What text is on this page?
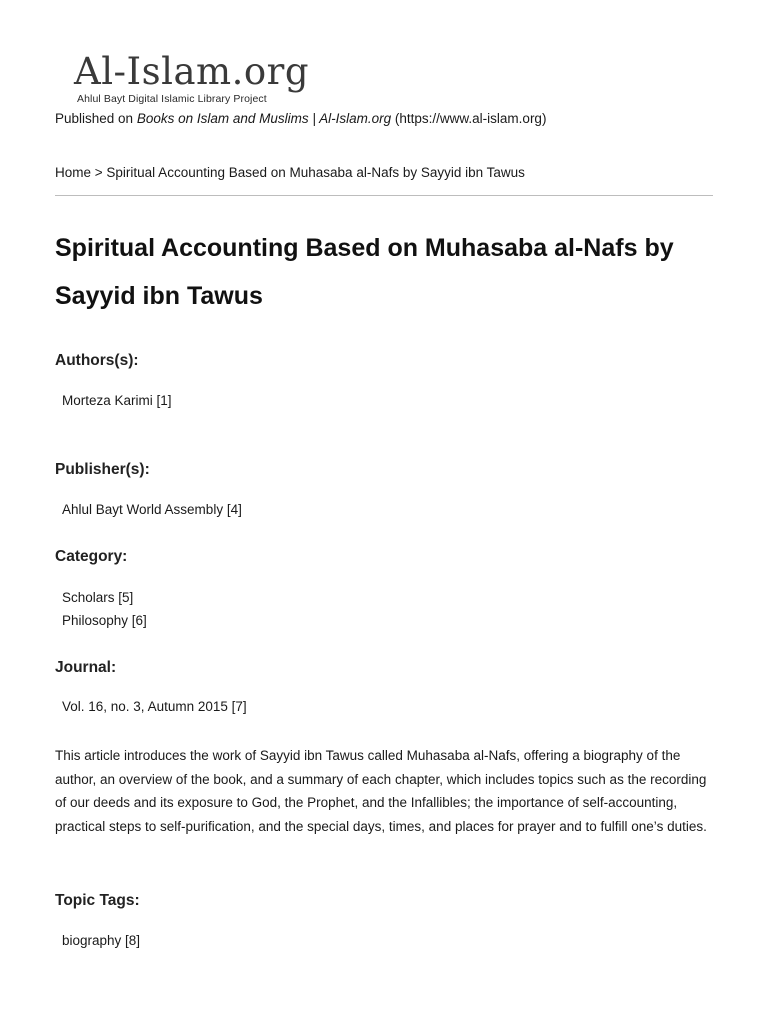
Al-Islam.org
Ahlul Bayt Digital Islamic Library Project
Published on Books on Islam and Muslims | Al-Islam.org (https://www.al-islam.org)
Home > Spiritual Accounting Based on Muhasaba al-Nafs by Sayyid ibn Tawus
Spiritual Accounting Based on Muhasaba al-Nafs by Sayyid ibn Tawus
Authors(s):
Morteza Karimi [1]
Publisher(s):
Ahlul Bayt World Assembly [4]
Category:
Scholars [5]
Philosophy [6]
Journal:
Vol. 16, no. 3, Autumn 2015 [7]
This article introduces the work of Sayyid ibn Tawus called Muhasaba al-Nafs, offering a biography of the author, an overview of the book, and a summary of each chapter, which includes topics such as the recording of our deeds and its exposure to God, the Prophet, and the Infallibles; the importance of self-accounting, practical steps to self-purification, and the special days, times, and places for prayer and to fulfill one’s duties.
Topic Tags:
biography [8]
